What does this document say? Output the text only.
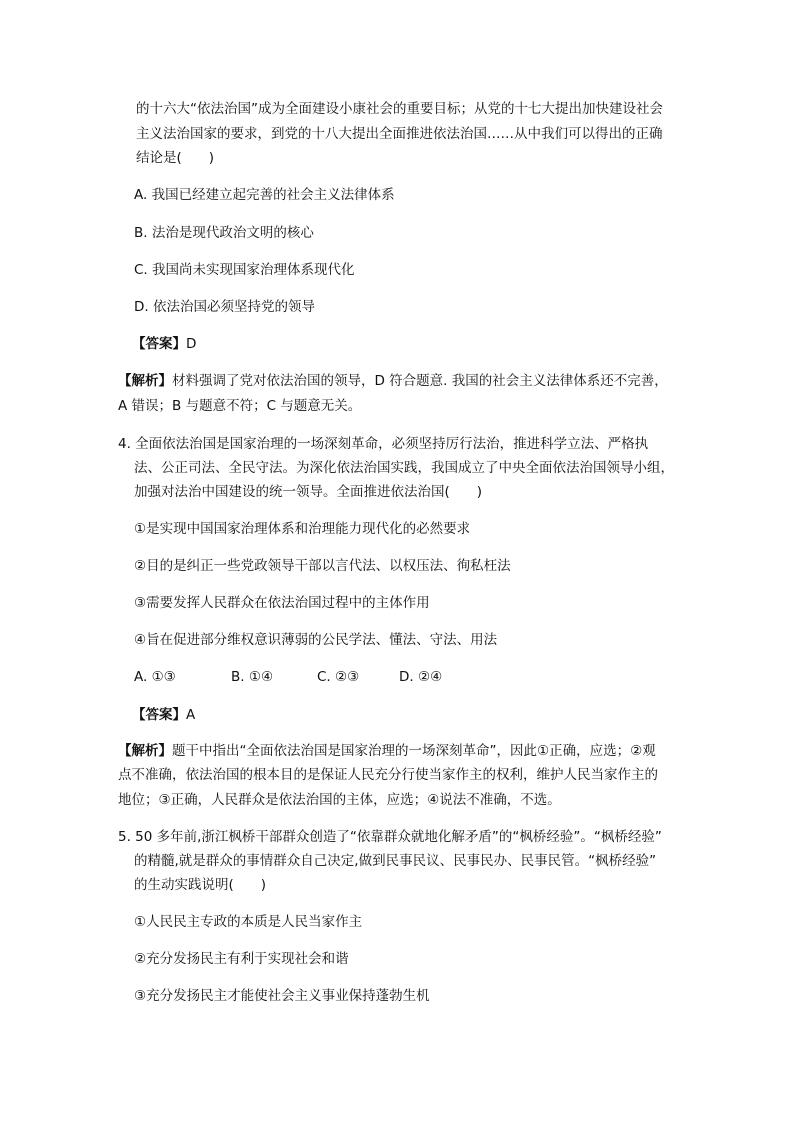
的十六大“依法治国”成为全面建设小康社会的重要目标；从党的十七大提出加快建设社会
主义法治国家的要求，到党的十八大提出全面推进依法治国……从中我们可以得出的正确
结论是(　　)
A. 我国已经建立起完善的社会主义法律体系
B. 法治是现代政治文明的核心
C. 我国尚未实现国家治理体系现代化
D. 依法治国必须坚持党的领导
【答案】D
【解析】材料强调了党对依法治国的领导，D 符合题意. 我国的社会主义法律体系还不完善，
A 错误；B 与题意不符；C 与题意无关。
4. 全面依法治国是国家治理的一场深刻革命，必须坚持厉行法治，推进科学立法、严格执
法、公正司法、全民守法。为深化依法治国实践，我国成立了中央全面依法治国领导小组，
加强对法治中国建设的统一领导。全面推进依法治国(　　)
①是实现中国国家治理体系和治理能力现代化的必然要求
②目的是纠正一些党政领导干部以言代法、以权压法、徇私枉法
③需要发挥人民群众在依法治国过程中的主体作用
④旨在促进部分维权意识薄弱的公民学法、懂法、守法、用法
A. ①③	B. ①④	C. ②③	D. ②④
【答案】A
【解析】题干中指出“全面依法治国是国家治理的一场深刻革命”，因此①正确，应选；②观
点不准确，依法治国的根本目的是保证人民充分行使当家作主的权利，维护人民当家作主的
地位；③正确，人民群众是依法治国的主体，应选；④说法不准确，不选。
5. 50 多年前,浙江枫桥干部群众创造了“依靠群众就地化解矛盾”的“枫桥经验”。“枫桥经验”
的精髓,就是群众的事情群众自己决定,做到民事民议、民事民办、民事民管。“枫桥经验”
的生动实践说明(　　)
①人民民主专政的本质是人民当家作主
②充分发扬民主有利于实现社会和谐
③充分发扬民主才能使社会主义事业保持蓬勃生机
